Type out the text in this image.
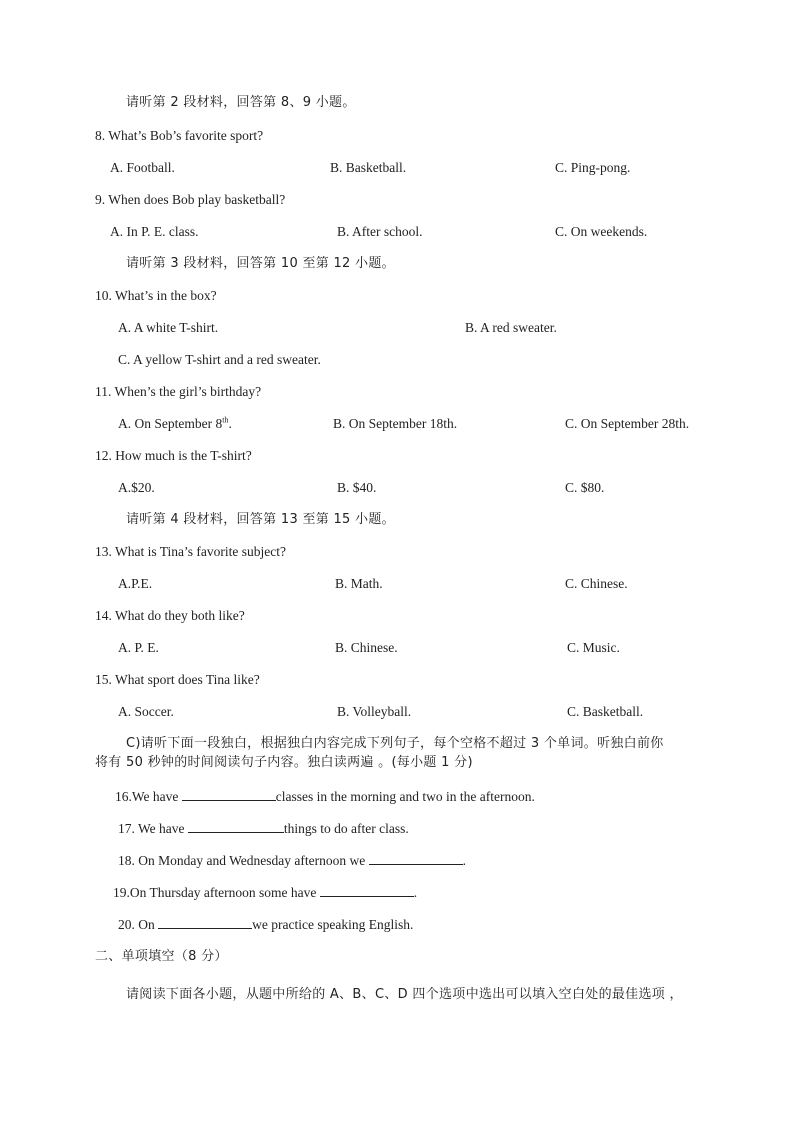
请听第 2 段材料，回答第 8、9 小题。
8. What’s Bob’s favorite sport?
A. Football.	B. Basketball.	C. Ping-pong.
9. When does Bob play basketball?
A. In P. E. class.	B. After school.	C. On weekends.
请听第 3 段材料，回答第 10 至第 12 小题。
10. What’s in the box?
A. A white T-shirt.	B. A red sweater.
C. A yellow T-shirt and a red sweater.
11. When’s the girl’s birthday?
A. On September 8th.	B. On September 18th.	C. On September 28th.
12. How much is the T-shirt?
A.$20.	B. $40.	C. $80.
请听第 4 段材料，回答第 13 至第 15 小题。
13. What is Tina’s favorite subject?
A.P.E.	B. Math.	C. Chinese.
14. What do they both like?
A. P. E.	B. Chinese.	C. Music.
15. What sport does Tina like?
A. Soccer.	B. Volleyball.	C. Basketball.
C)请听下面一段独白，根据独白内容完成下列句子，每个空格不超过 3 个单词。听独白前你
将有 50 秒钟的时间阅读句子内容。独白读两遍 。(每小题 1 分)
16.We have	classes in the morning and two in the afternoon.
17. We have	things to do after class.
18. On Monday and Wednesday afternoon we	.
19.On Thursday afternoon some have	.
20. On	we practice speaking English.
二、单项填空（8 分）
请阅读下面各小题，从题中所给的 A、B、C、D 四个选项中选出可以填入空白处的最佳选项 ，
